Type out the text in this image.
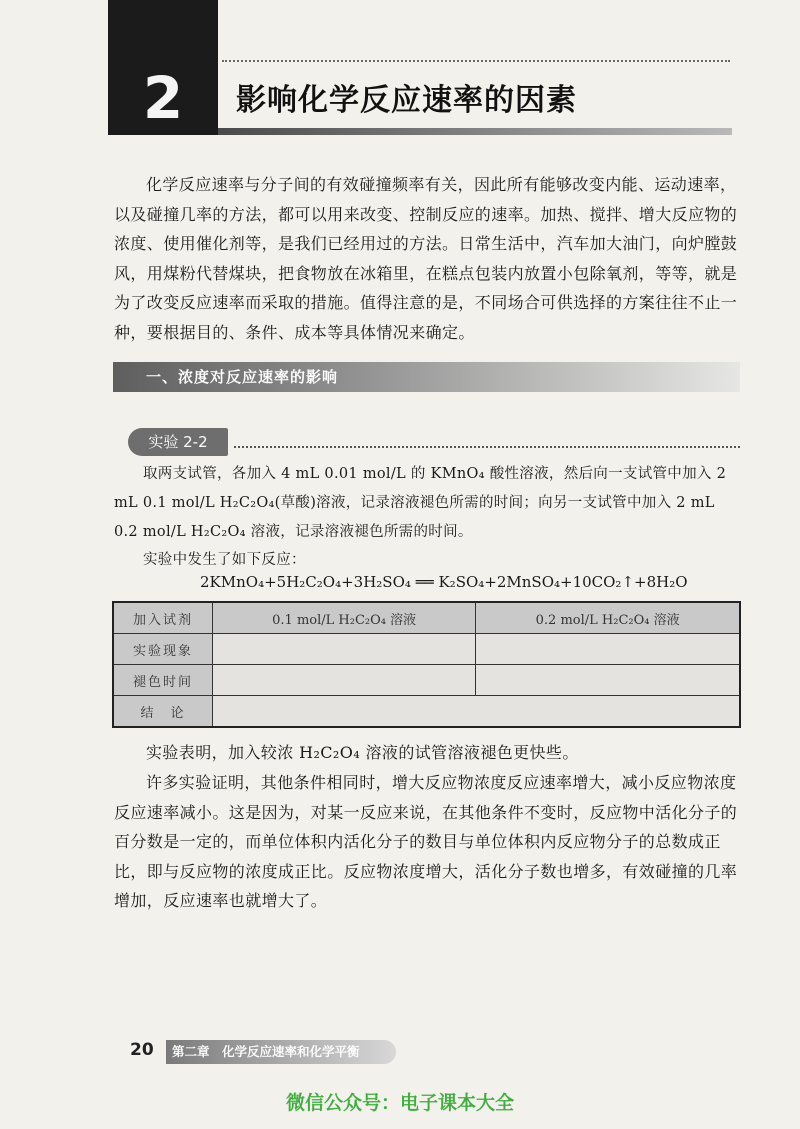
2	影响化学反应速率的因素

化学反应速率与分子间的有效碰撞频率有关，因此所有能够改变内能、运动速率，以及碰撞几率的方法，都可以用来改变、控制反应的速率。加热、搅拌、增大反应物的浓度、使用催化剂等，是我们已经用过的方法。日常生活中，汽车加大油门，向炉膛鼓风，用煤粉代替煤块，把食物放在冰箱里，在糕点包装内放置小包除氧剂，等等，就是为了改变反应速率而采取的措施。值得注意的是，不同场合可供选择的方案往往不止一种，要根据目的、条件、成本等具体情况来确定。

一、浓度对反应速率的影响
实验 2-2

取两支试管，各加入 4 mL 0.01 mol/L 的 KMnO₄ 酸性溶液，然后向一支试管中加入 2 mL 0.1 mol/L H₂C₂O₄(草酸)溶液，记录溶液褪色所需的时间；向另一支试管中加入 2 mL 0.2 mol/L H₂C₂O₄ 溶液，记录溶液褪色所需的时间。

实验中发生了如下反应：

2KMnO₄+5H₂C₂O₄+3H₂SO₄ ══ K₂SO₄+2MnSO₄+10CO₂↑+8H₂O
加入试剂	0.1 mol/L H₂C₂O₄ 溶液	0.2 mol/L H₂C₂O₄ 溶液
实验现象		
褪色时间		
结　论		

实验表明，加入较浓 H₂C₂O₄ 溶液的试管溶液褪色更快些。

许多实验证明，其他条件相同时，增大反应物浓度反应速率增大，减小反应物浓度反应速率减小。这是因为，对某一反应来说，在其他条件不变时，反应物中活化分子的百分数是一定的，而单位体积内活化分子的数目与单位体积内反应物分子的总数成正比，即与反应物的浓度成正比。反应物浓度增大，活化分子数也增多，有效碰撞的几率增加，反应速率也就增大了。

20 第二章　化学反应速率和化学平衡
微信公众号：电子课本大全
